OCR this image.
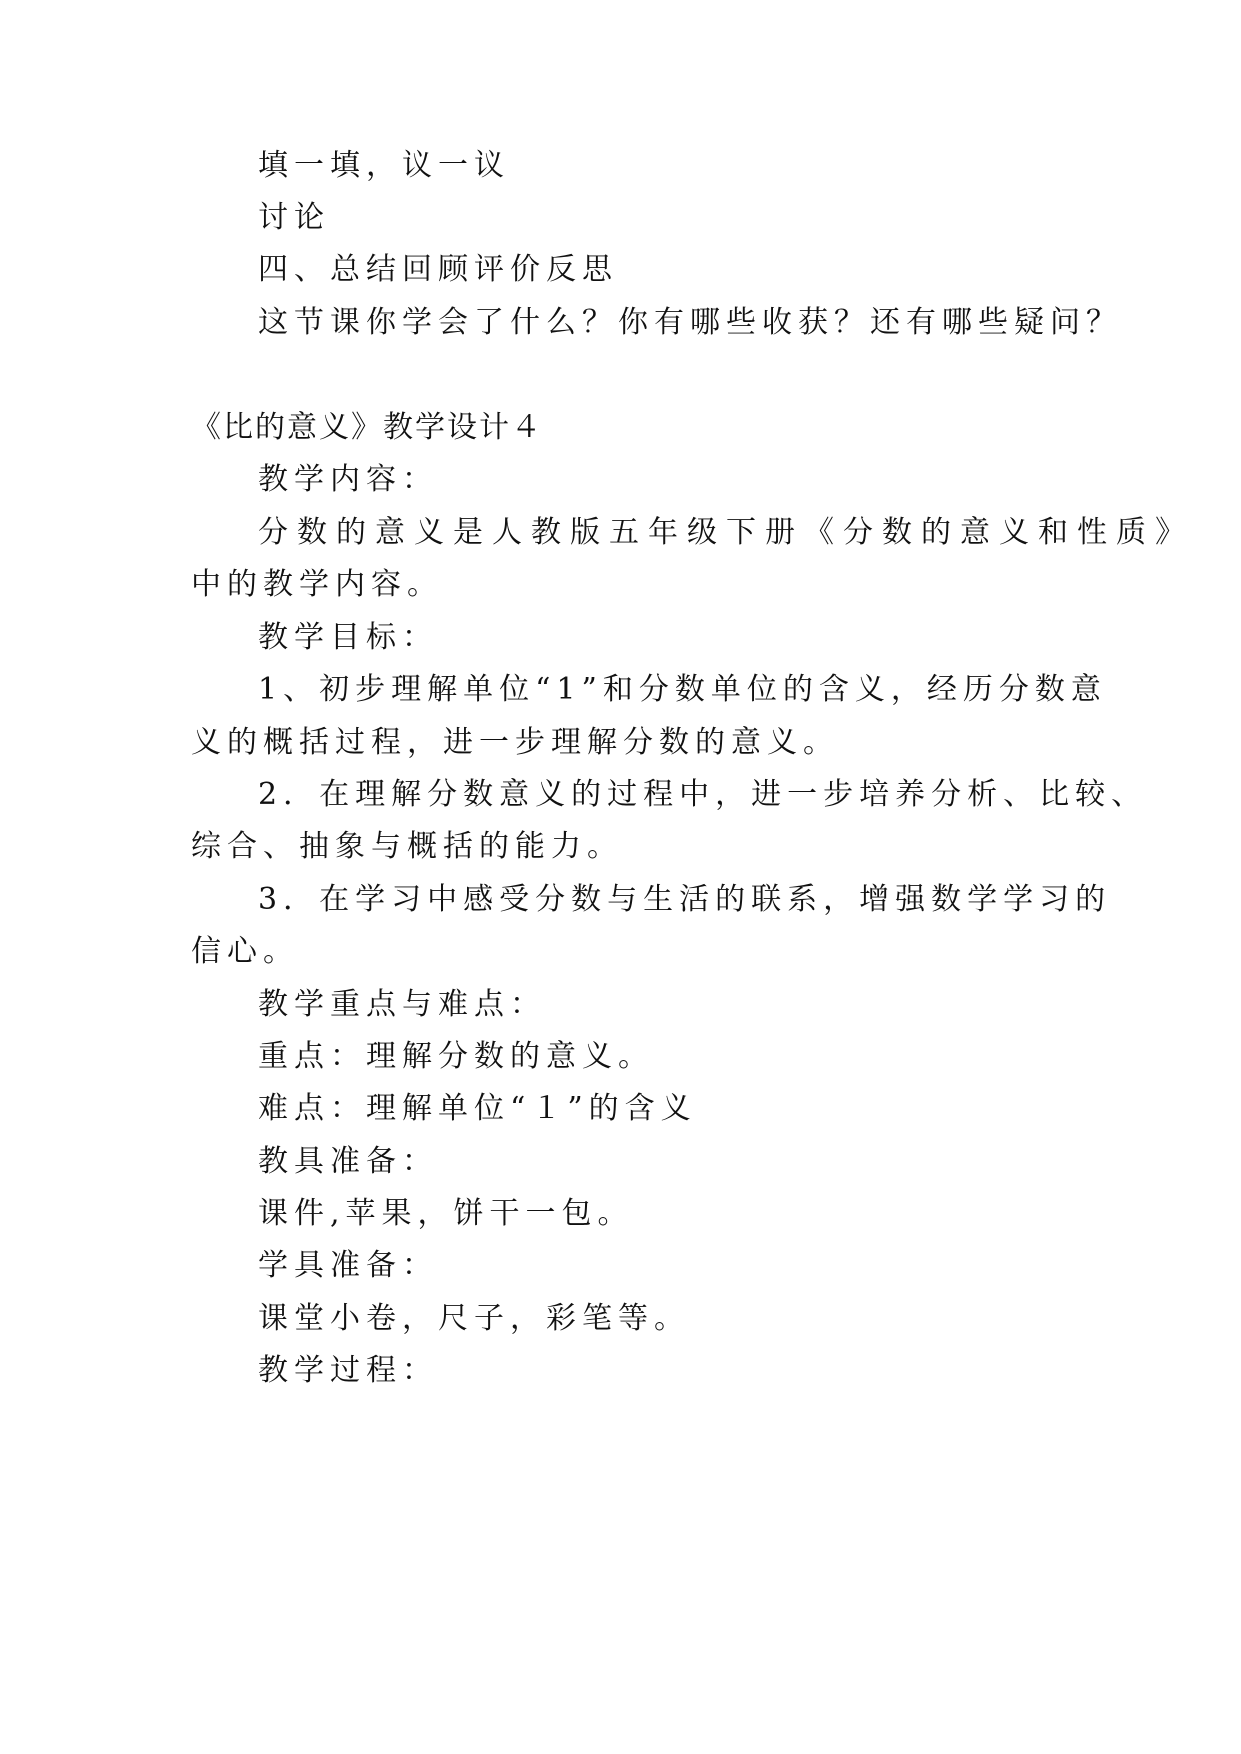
填一填，议一议
讨论
四、总结回顾评价反思
这节课你学会了什么？你有哪些收获？还有哪些疑问？
《比的意义》教学设计４
教学内容：
分数的意义是人教版五年级下册《分数的意义和性质》
中的教学内容。
教学目标：
1、初步理解单位“1”和分数单位的含义，经历分数意
义的概括过程，进一步理解分数的意义。
2．在理解分数意义的过程中，进一步培养分析、比较、
综合、抽象与概括的能力。
3．在学习中感受分数与生活的联系，增强数学学习的
信心。
教学重点与难点：
重点：理解分数的意义。
难点：理解单位“１”的含义
教具准备：
课件,苹果，饼干一包。
学具准备：
课堂小卷，尺子，彩笔等。
教学过程：
